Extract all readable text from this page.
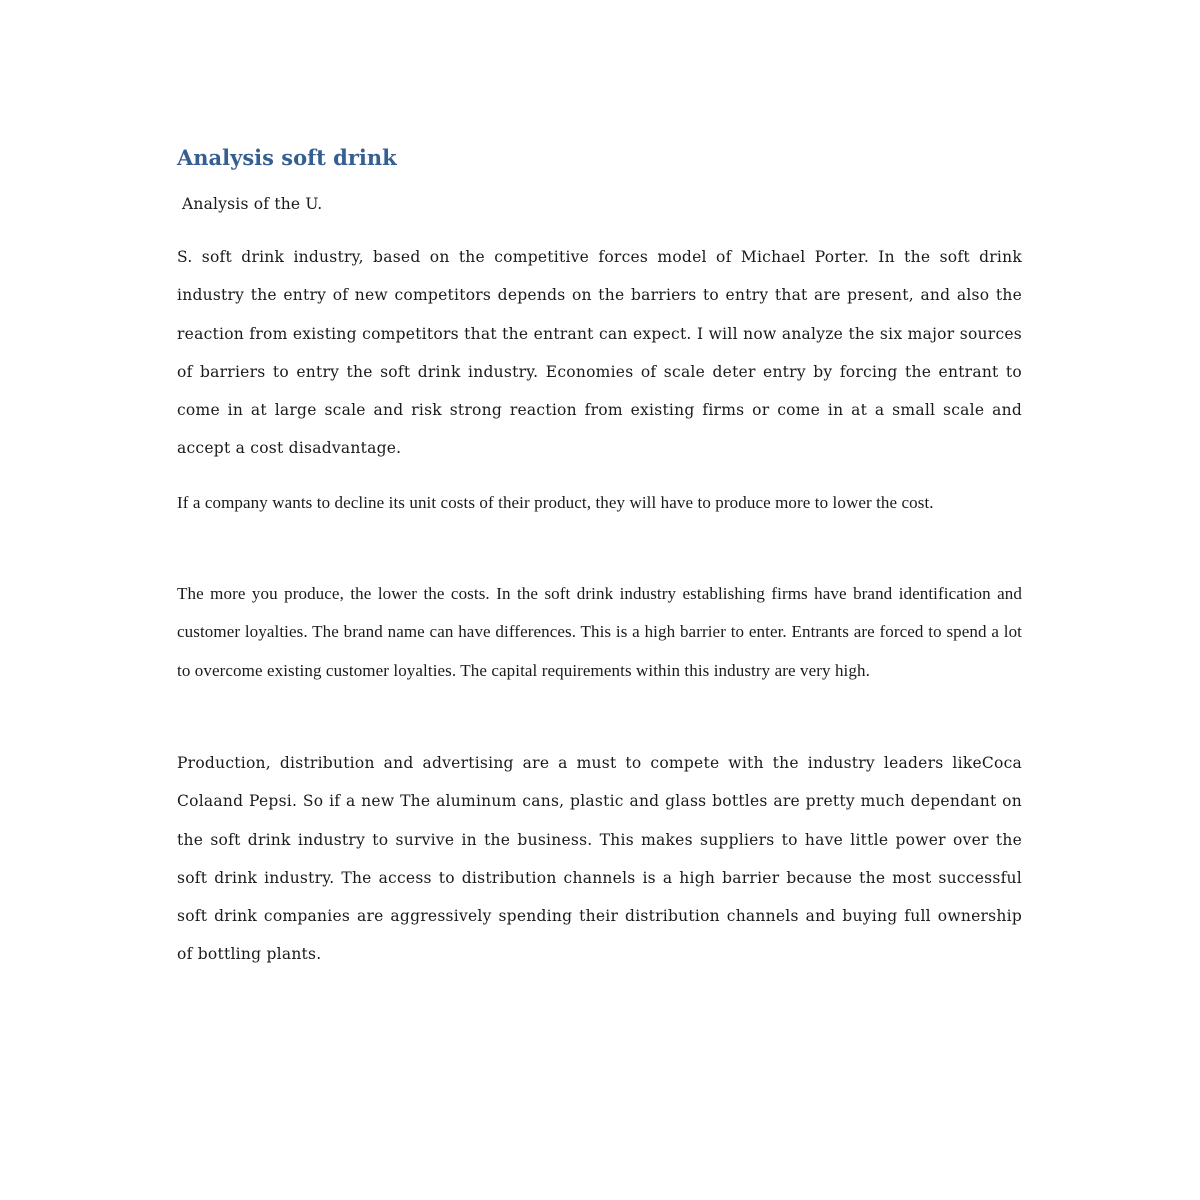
Analysis soft drink

Analysis of the U.

S. soft drink industry, based on the competitive forces model of Michael Porter. In the soft drink industry the entry of new competitors depends on the barriers to entry that are present, and also the reaction from existing competitors that the entrant can expect. I will now analyze the six major sources of barriers to entry the soft drink industry. Economies of scale deter entry by forcing the entrant to come in at large scale and risk strong reaction from existing firms or come in at a small scale and accept a cost disadvantage.

If a company wants to decline its unit costs of their product, they will have to produce more to lower the cost.

The more you produce, the lower the costs. In the soft drink industry establishing firms have brand identification and customer loyalties. The brand name can have differences. This is a high barrier to enter. Entrants are forced to spend a lot to overcome existing customer loyalties. The capital requirements within this industry are very high.

Production, distribution and advertising are a must to compete with the industry leaders likeCoca Colaand Pepsi. So if a new The aluminum cans, plastic and glass bottles are pretty much dependant on the soft drink industry to survive in the business. This makes suppliers to have little power over the soft drink industry. The access to distribution channels is a high barrier because the most successful soft drink companies are aggressively spending their distribution channels and buying full ownership of bottling plants.
